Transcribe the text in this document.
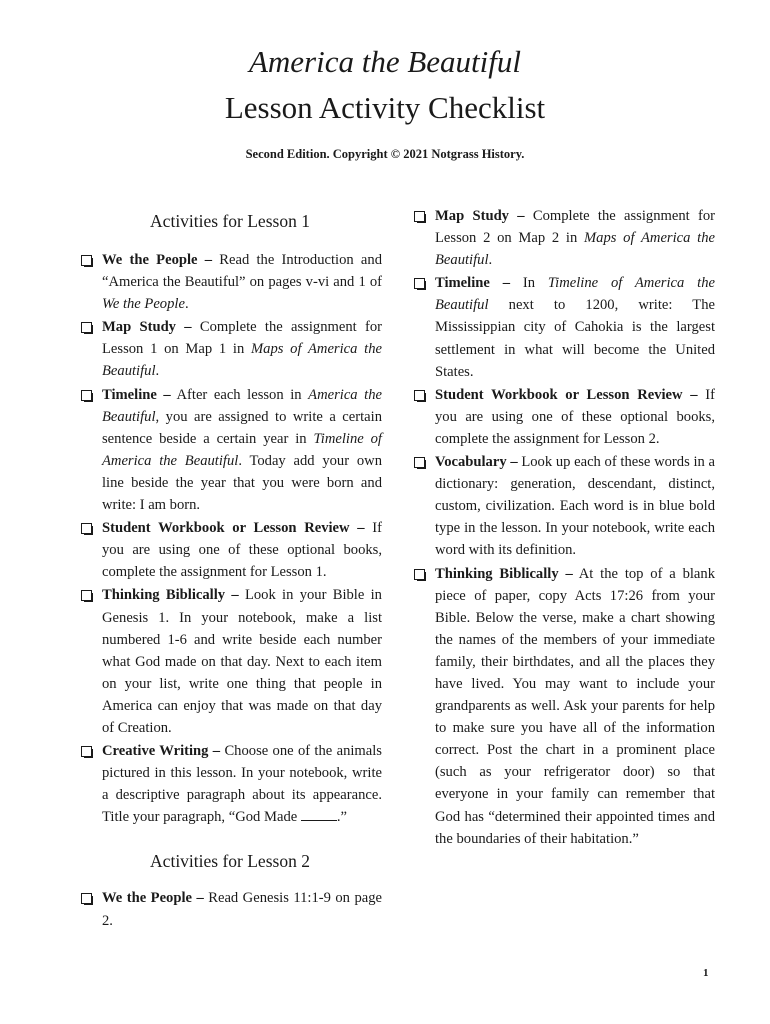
America the Beautiful
Lesson Activity Checklist
Second Edition. Copyright © 2021 Notgrass History.
Activities for Lesson 1
We the People – Read the Introduction and “America the Beautiful” on pages v-vi and 1 of We the People.
Map Study – Complete the assignment for Lesson 1 on Map 1 in Maps of America the Beautiful.
Timeline – After each lesson in America the Beautiful, you are assigned to write a certain sentence beside a certain year in Timeline of America the Beautiful. Today add your own line beside the year that you were born and write: I am born.
Student Workbook or Lesson Review – If you are using one of these optional books, complete the assignment for Lesson 1.
Thinking Biblically – Look in your Bible in Genesis 1. In your notebook, make a list numbered 1-6 and write beside each number what God made on that day. Next to each item on your list, write one thing that people in America can enjoy that was made on that day of Creation.
Creative Writing – Choose one of the animals pictured in this lesson. In your notebook, write a descriptive paragraph about its appearance. Title your paragraph, “God Made .”
Activities for Lesson 2
We the People – Read Genesis 11:1-9 on page 2.
Map Study – Complete the assignment for Lesson 2 on Map 2 in Maps of America the Beautiful.
Timeline – In Timeline of America the Beautiful next to 1200, write: The Mississippian city of Cahokia is the largest settlement in what will become the United States.
Student Workbook or Lesson Review – If you are using one of these optional books, complete the assignment for Lesson 2.
Vocabulary – Look up each of these words in a dictionary: generation, descendant, distinct, custom, civilization. Each word is in blue bold type in the lesson. In your notebook, write each word with its definition.
Thinking Biblically – At the top of a blank piece of paper, copy Acts 17:26 from your Bible. Below the verse, make a chart showing the names of the members of your immediate family, their birthdates, and all the places they have lived. You may want to include your grandparents as well. Ask your parents for help to make sure you have all of the information correct. Post the chart in a prominent place (such as your refrigerator door) so that everyone in your family can remember that God has “determined their appointed times and the boundaries of their habitation.”
1
